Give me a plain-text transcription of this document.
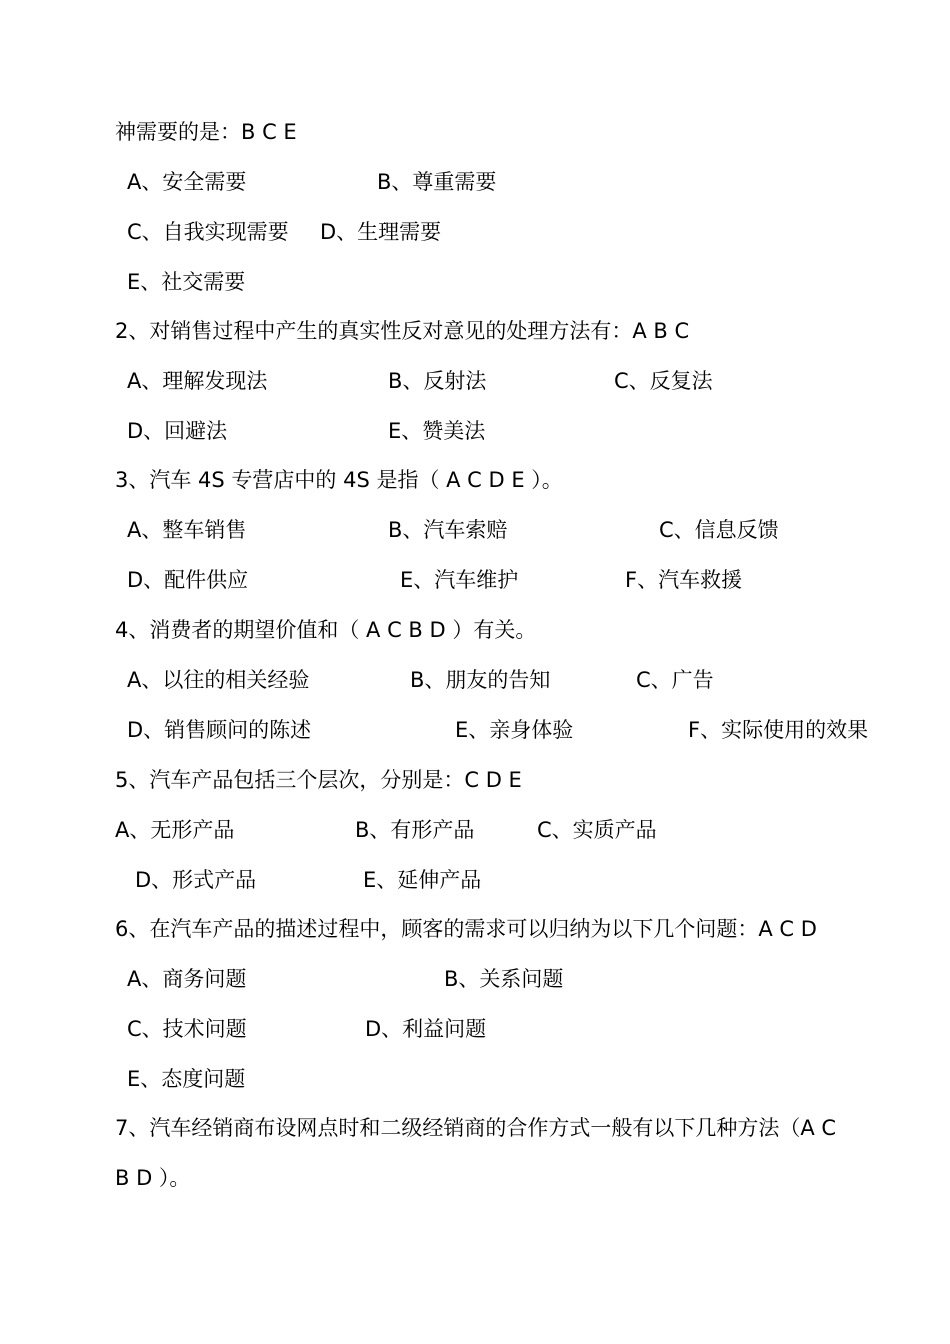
神需要的是：B C E
A、安全需要	B、尊重需要
C、自我实现需要 D、生理需要
E、社交需要
2、对销售过程中产生的真实性反对意见的处理方法有：A B C
A、理解发现法	B、反射法	C、反复法
D、回避法	E、赞美法
3、汽车 4S 专营店中的 4S 是指（ A C D E ）。
A、整车销售	B、汽车索赔	C、信息反馈
D、配件供应	E、汽车维护	F、汽车救援
4、消费者的期望价值和（ A C B D ）有关。
A、以往的相关经验	B、朋友的告知	C、广告
D、销售顾问的陈述	E、亲身体验	F、实际使用的效果
5、汽车产品包括三个层次，分别是：C D E
A、无形产品	B、有形产品	C、实质产品
D、形式产品	E、延伸产品
6、在汽车产品的描述过程中，顾客的需求可以归纳为以下几个问题：A C D
A、商务问题	B、关系问题
C、技术问题	D、利益问题
E、态度问题
7、汽车经销商布设网点时和二级经销商的合作方式一般有以下几种方法（A C
B D ）。
